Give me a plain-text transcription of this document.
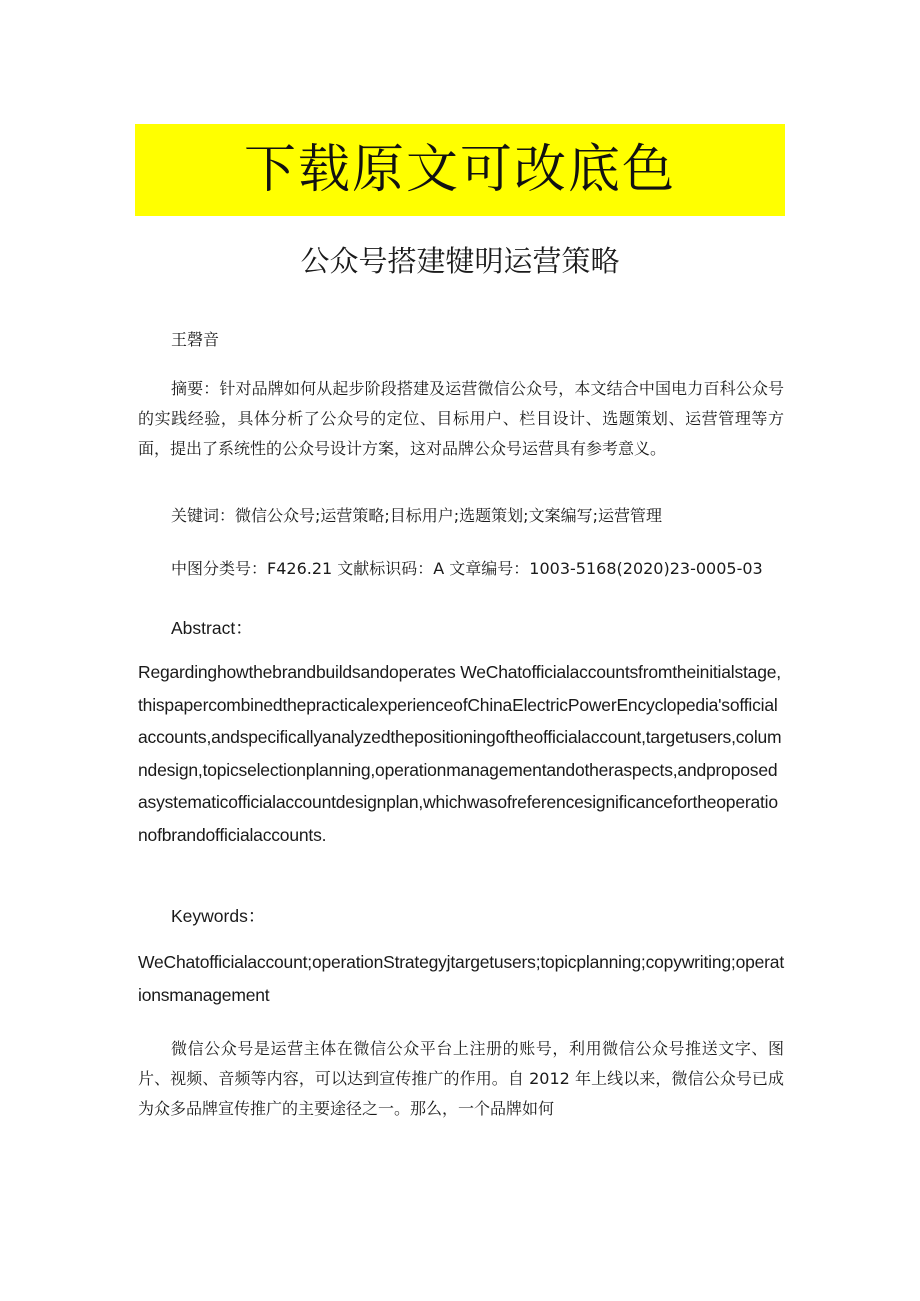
下载原文可改底色
公众号搭建犍明运营策略
王磬音
摘要：针对品牌如何从起步阶段搭建及运营微信公众号，本文结合中国电力百科公众号的实践经验，具体分析了公众号的定位、目标用户、栏目设计、选题策划、运营管理等方面，提出了系统性的公众号设计方案，这对品牌公众号运营具有参考意义。
关键词：微信公众号;运营策略;目标用户;选题策划;文案编写;运营管理
中图分类号：F426.21 文献标识码：A 文章编号：1003-5168(2020)23-0005-03
Abstract：
Regardinghowthebrandbuildsandoperates WeChatofficialaccountsfromtheinitialstage,thispapercombinedthepracticalexperienceofChinaElectricPowerEncyclopedia'sofficialaccounts,andspecificallyanalyzedthepositioningoftheofficialaccount,targetusers,columndesign,topicselectionplanning,operationmanagementandotheraspects,andproposedasystematicofficialaccountdesignplan,whichwasofreferencesignificancefortheoperationofbrandofficialaccounts.
Keywords：
WeChatofficialaccount;operationStrategyjtargetusers;topicplanning;copywriting;operationsmanagement
微信公众号是运营主体在微信公众平台上注册的账号，利用微信公众号推送文字、图片、视频、音频等内容，可以达到宣传推广的作用。自 2012 年上线以来，微信公众号已成为众多品牌宣传推广的主要途径之一。那么，一个品牌如何
